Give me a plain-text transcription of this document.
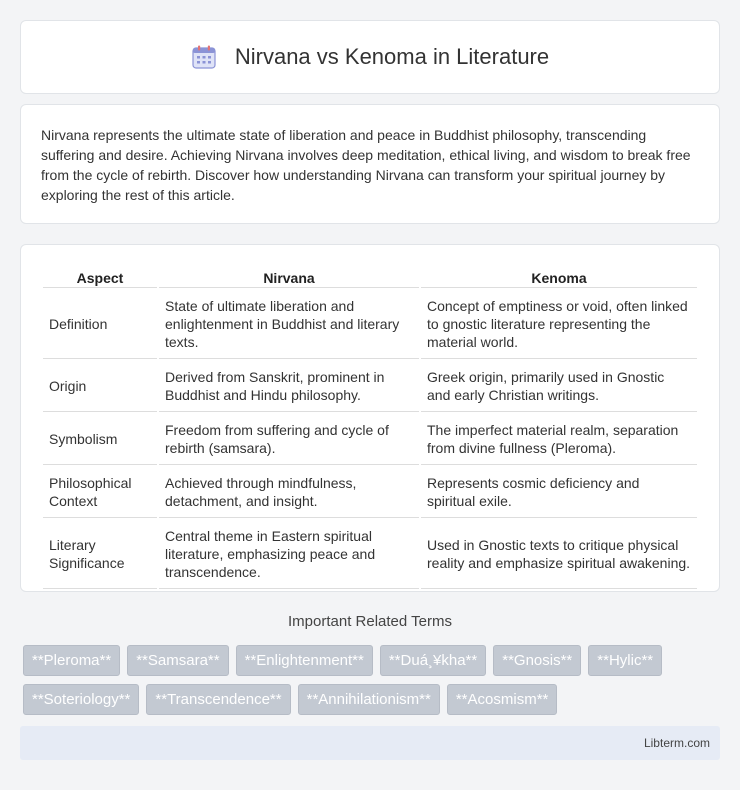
Nirvana vs Kenoma in Literature

Nirvana represents the ultimate state of liberation and peace in Buddhist philosophy, transcending suffering and desire. Achieving Nirvana involves deep meditation, ethical living, and wisdom to break free from the cycle of rebirth. Discover how understanding Nirvana can transform your spiritual journey by exploring the rest of this article.

Aspect	Nirvana	Kenoma
Definition	State of ultimate liberation and enlightenment in Buddhist and literary texts.	Concept of emptiness or void, often linked to gnostic literature representing the material world.
Origin	Derived from Sanskrit, prominent in Buddhist and Hindu philosophy.	Greek origin, primarily used in Gnostic and early Christian writings.
Symbolism	Freedom from suffering and cycle of rebirth (samsara).	The imperfect material realm, separation from divine fullness (Pleroma).
Philosophical Context	Achieved through mindfulness, detachment, and insight.	Represents cosmic deficiency and spiritual exile.
Literary Significance	Central theme in Eastern spiritual literature, emphasizing peace and transcendence.	Used in Gnostic texts to critique physical reality and emphasize spiritual awakening.
Important Related Terms
**Pleroma**	**Samsara**	**Enlightenment**	**Duá¸¥kha**	**Gnosis**	**Hylic**
**Soteriology**	**Transcendence**	**Annihilationism**	**Acosmism**
Libterm.com
